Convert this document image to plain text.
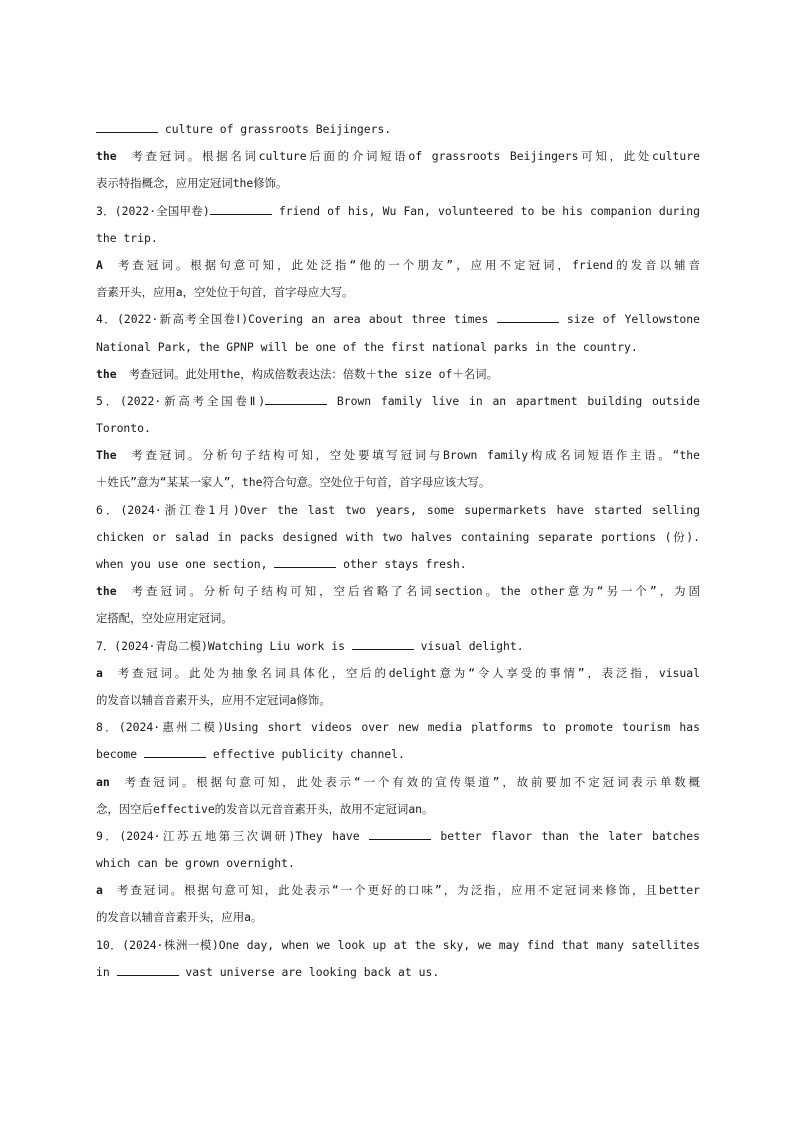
culture of grassroots Beijingers.
the 考查冠词。根据名词culture后面的介词短语of grassroots Beijingers可知，此处culture
表示特指概念，应用定冠词the修饰。
3．(2022·全国甲卷)	friend of his, Wu Fan, volunteered to be his companion during
the trip.
A 考查冠词。根据句意可知，此处泛指“他的一个朋友”，应用不定冠词，friend的发音以辅音
音素开头，应用a，空处位于句首，首字母应大写。
4．(2022·新高考全国卷Ⅰ)Covering an area about three times	size of Yellowstone
National Park, the GPNP will be one of the first national parks in the country.
the 考查冠词。此处用the，构成倍数表达法：倍数＋the size of＋名词。
5．(2022·新高考全国卷Ⅱ)	Brown family live in an apartment building outside
Toronto.
The 考查冠词。分析句子结构可知，空处要填写冠词与Brown family构成名词短语作主语。“the
＋姓氏”意为“某某一家人”，the符合句意。空处位于句首，首字母应该大写。
6．(2024·浙江卷1月)Over the last two years, some supermarkets have started selling
chicken or salad in packs designed with two halves containing separate portions (份).
when you use one section,	other stays fresh.
the 考查冠词。分析句子结构可知，空后省略了名词section。the other意为“另一个”，为固
定搭配，空处应用定冠词。
7．(2024·青岛二模)Watching Liu work is	visual delight.
a 考查冠词。此处为抽象名词具体化，空后的delight意为“令人享受的事情”，表泛指，visual
的发音以辅音音素开头，应用不定冠词a修饰。
8．(2024·惠州二模)Using short videos over new media platforms to promote tourism has
become	effective publicity channel.
an 考查冠词。根据句意可知，此处表示“一个有效的宣传渠道”，故前要加不定冠词表示单数概
念，因空后effective的发音以元音音素开头，故用不定冠词an。
9．(2024·江苏五地第三次调研)They have	better flavor than the later batches
which can be grown overnight.
a 考查冠词。根据句意可知，此处表示“一个更好的口味”，为泛指，应用不定冠词来修饰，且better
的发音以辅音音素开头，应用a。
10．(2024·株洲一模)One day, when we look up at the sky, we may find that many satellites
in	vast universe are looking back at us.
